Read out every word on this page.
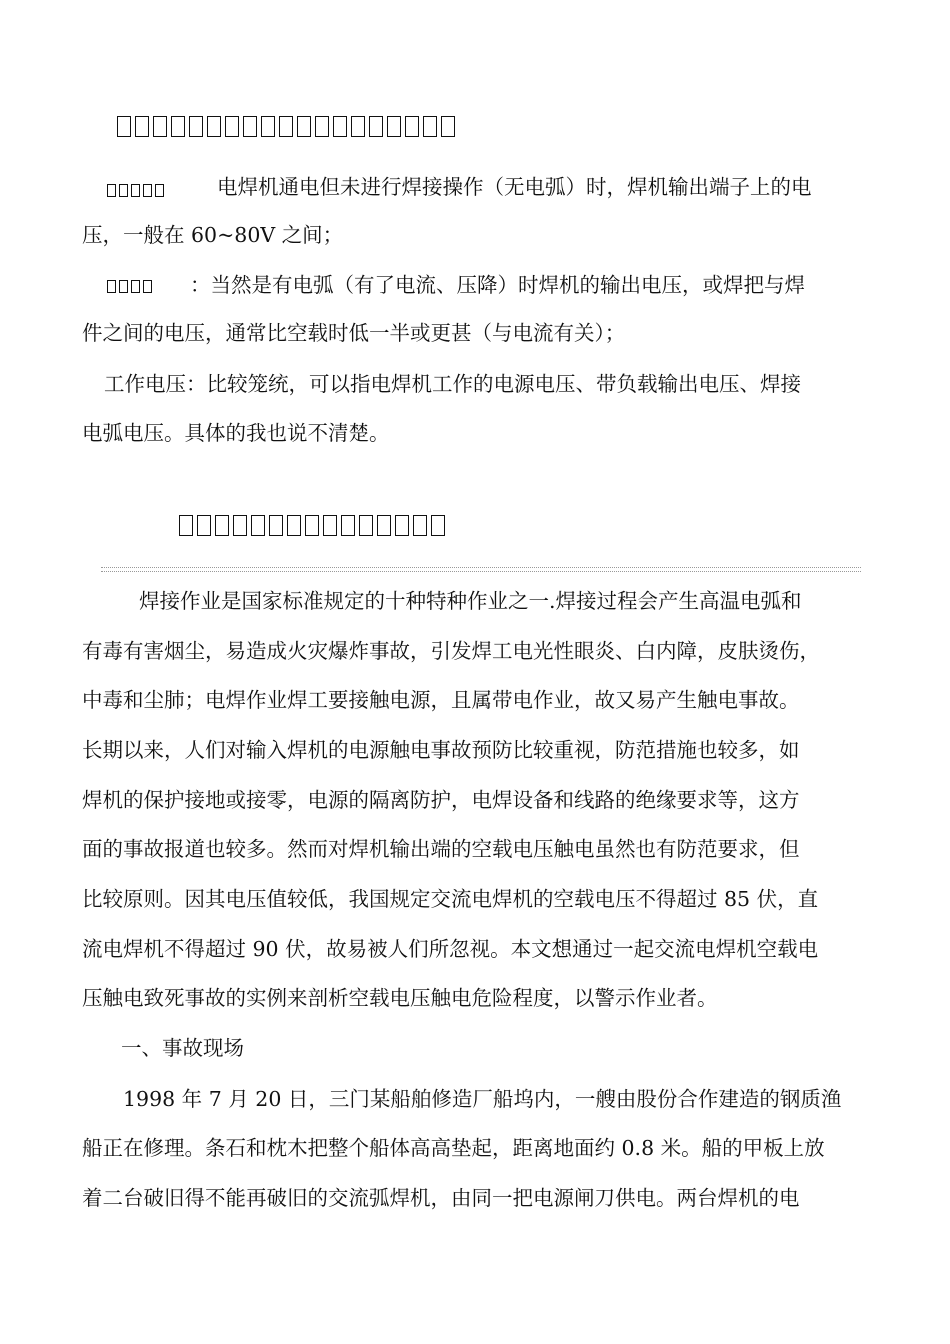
电焊机通电但未进行焊接操作（无电弧）时，焊机输出端子上的电
压，一般在 60~80V 之间；
：当然是有电弧（有了电流、压降）时焊机的输出电压，或焊把与焊
件之间的电压，通常比空载时低一半或更甚（与电流有关）；
工作电压：比较笼统，可以指电焊机工作的电源电压、带负载输出电压、焊接
电弧电压。具体的我也说不清楚。
焊接作业是国家标准规定的十种特种作业之一.焊接过程会产生高温电弧和
有毒有害烟尘，易造成火灾爆炸事故，引发焊工电光性眼炎、白内障，皮肤烫伤，
中毒和尘肺；电焊作业焊工要接触电源，且属带电作业，故又易产生触电事故。
长期以来，人们对输入焊机的电源触电事故预防比较重视，防范措施也较多，如
焊机的保护接地或接零，电源的隔离防护，电焊设备和线路的绝缘要求等，这方
面的事故报道也较多。然而对焊机输出端的空载电压触电虽然也有防范要求，但
比较原则。因其电压值较低，我国规定交流电焊机的空载电压不得超过 85 伏，直
流电焊机不得超过 90 伏，故易被人们所忽视。本文想通过一起交流电焊机空载电
压触电致死事故的实例来剖析空载电压触电危险程度，以警示作业者。
一、事故现场
1998 年 7 月 20 日，三门某船舶修造厂船坞内，一艘由股份合作建造的钢质渔
船正在修理。条石和枕木把整个船体高高垫起，距离地面约 0.8 米。船的甲板上放
着二台破旧得不能再破旧的交流弧焊机，由同一把电源闸刀供电。两台焊机的电
